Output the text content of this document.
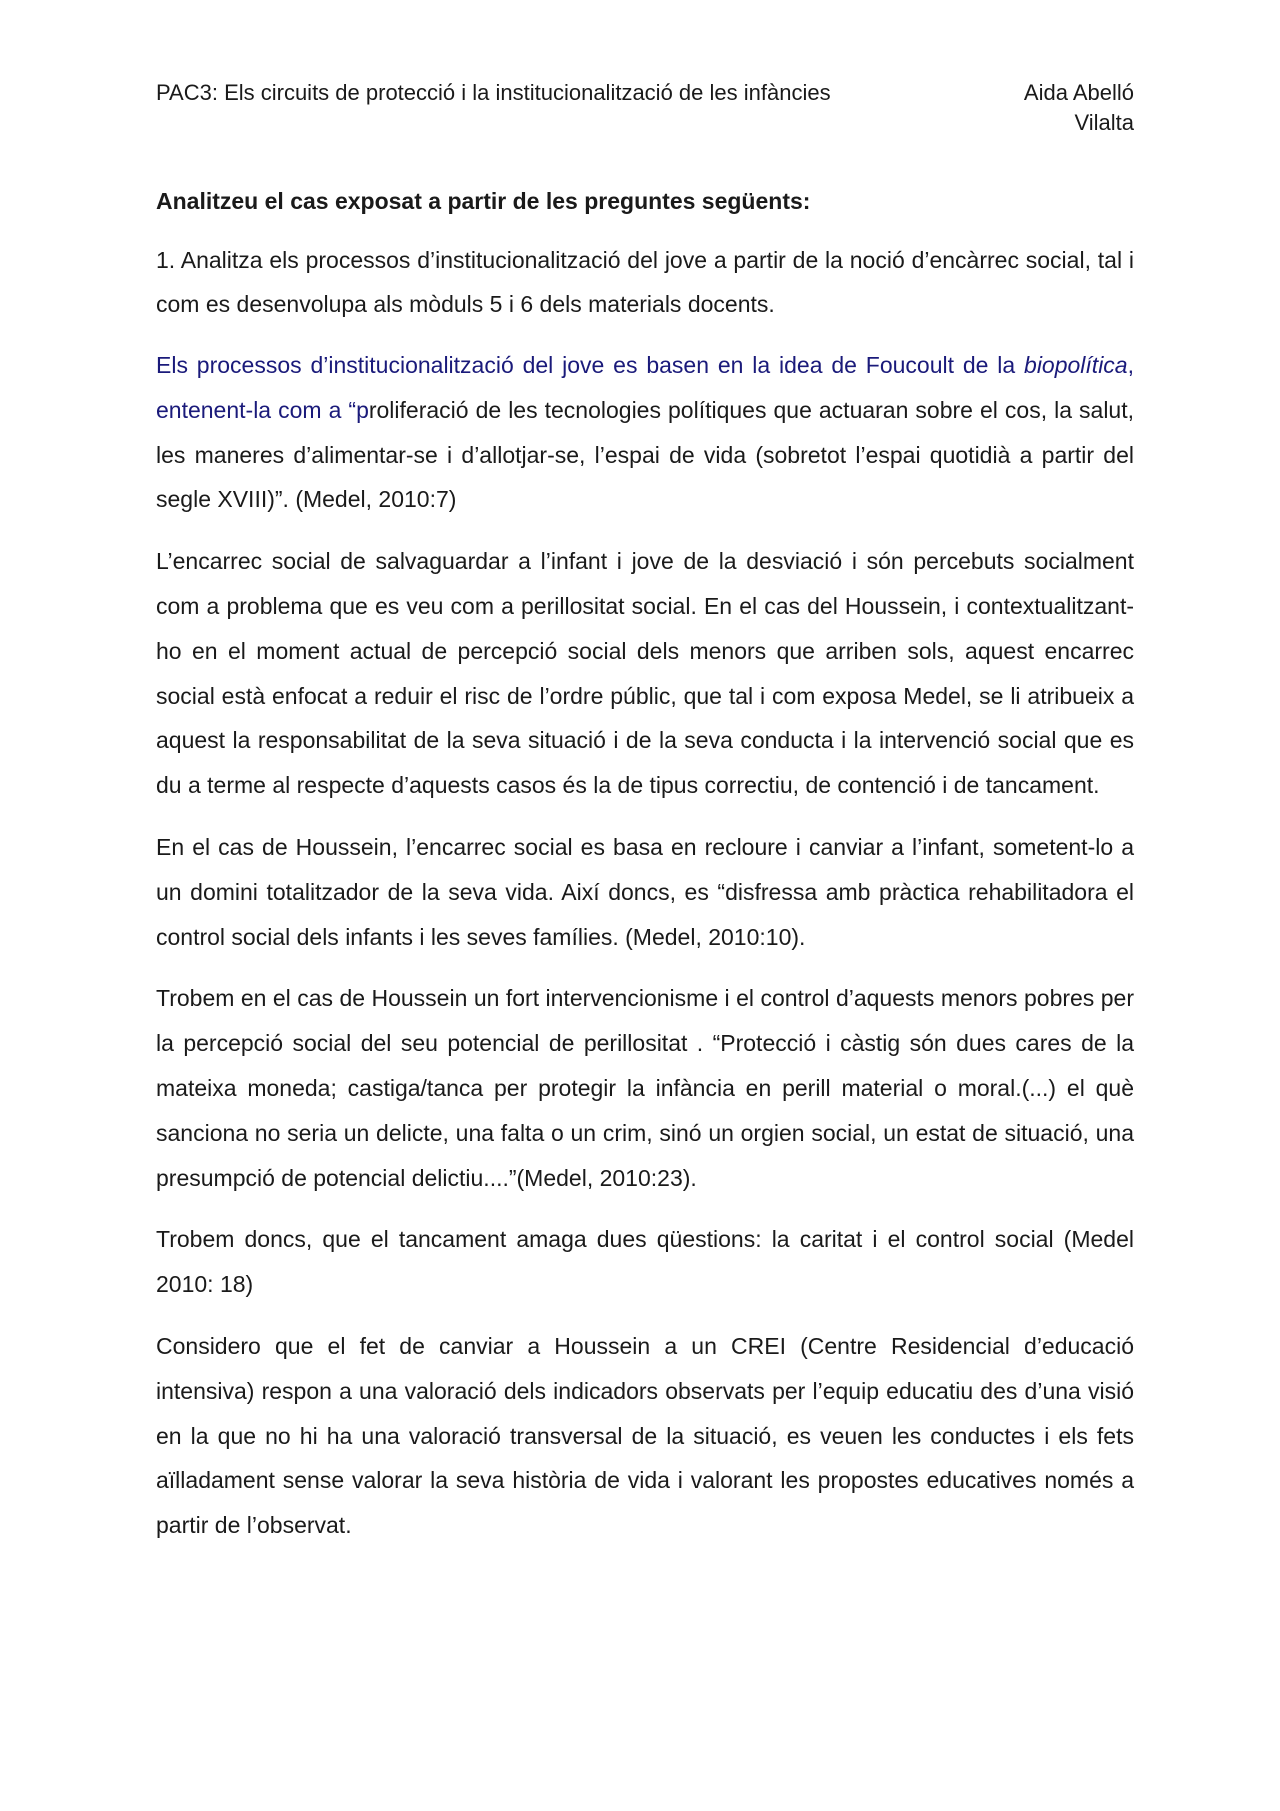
PAC3: Els circuits de protecció i la institucionalització de les infàncies	Aida Abelló Vilalta
Analitzeu el cas exposat a partir de les preguntes següents:
1. Analitza els processos d’institucionalització del jove a partir de la noció d’encàrrec social, tal i com es desenvolupa als mòduls 5 i 6 dels materials docents.
Els processos d’institucionalització del jove es basen en la idea de Foucoult de la biopolítica, entenent-la com a “proliferació de les tecnologies polítiques que actuaran sobre el cos, la salut, les maneres d’alimentar-se i d’allotjar-se, l’espai de vida (sobretot l’espai quotidià a partir del segle XVIII)”. (Medel, 2010:7)
L’encarrec social de salvaguardar a l’infant i jove de la desviació i són percebuts socialment com a problema que es veu com a perillositat social. En el cas del Houssein, i contextualitzant-ho en el moment actual de percepció social dels menors que arriben sols, aquest encarrec social està enfocat a reduir el risc de l’ordre públic, que tal i com exposa Medel, se li atribueix a aquest la responsabilitat de la seva situació i de la seva conducta i la intervenció social que es du a terme al respecte d’aquests casos és la de tipus correctiu, de contenció i de tancament.
En el cas de Houssein, l’encarrec social es basa en recloure i canviar a l’infant, sometent-lo a un domini totalitzador de la seva vida. Així doncs, es “disfressa amb pràctica rehabilitadora el control social dels infants i les seves famílies. (Medel, 2010:10).
Trobem en el cas de Houssein un fort intervencionisme i el control d’aquests menors pobres per la percepció social del seu potencial de perillositat . “Protecció i càstig són dues cares de la mateixa moneda; castiga/tanca per protegir la infància en perill material o moral.(...) el què sanciona no seria un delicte, una falta o un crim, sinó un orgien social, un estat de situació, una presumpció de potencial delictiu....”(Medel, 2010:23).
Trobem doncs, que el tancament amaga dues qüestions: la caritat i el control social (Medel 2010: 18)
Considero que el fet de canviar a Houssein a un CREI (Centre Residencial d’educació intensiva) respon a una valoració dels indicadors observats per l’equip educatiu des d’una visió en la que no hi ha una valoració transversal de la situació, es veuen les conductes i els fets aïlladament sense valorar la seva història de vida i valorant les propostes educatives només a partir de l’observat.
